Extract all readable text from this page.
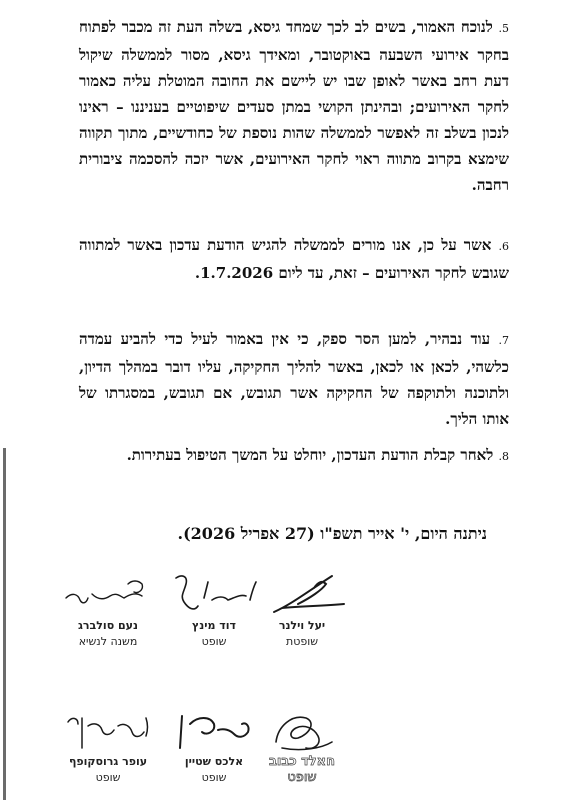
5. לנוכח האמור, בשים לב לכך שמחד גיסא, בשלה העת זה מכבר לפתוח בחקר אירועי השבעה באוקטובר, ומאידך גיסא, מסור לממשלה שיקול דעת רחב באשר לאופן שבו יש ליישם את החובה המוטלת עליה כאמור לחקר האירועים; ובהינתן הקושי במתן סעדים שיפוטיים בעניננו – ראינו לנכון בשלב זה לאפשר לממשלה שהות נוספת של כחודשיים, מתוך תקווה שימצא בקרוב מתווה ראוי לחקר האירועים, אשר יזכה להסכמה ציבורית רחבה.
6. אשר על כן, אנו מורים לממשלה להגיש הודעת עדכון באשר למתווה שגובש לחקר האירועים – זאת, עד ליום 1.7.2026.
7. עוד נבהיר, למען הסר ספק, כי אין באמור לעיל כדי להביע עמדה כלשהי, לכאן או לכאן, באשר להליך החקיקה, עליו דובר במהלך הדיון, ולתוכנה ולתוקפה של החקיקה אשר תגובש, אם תגובש, במסגרתו של אותו הליך.
8. לאחר קבלת הודעת העדכון, יוחלט על המשך הטיפול בעתירות.
ניתנה היום, י' אייר תשפ"ו (27 אפריל 2026).
יעל וילנר
שופטת
דוד מינץ
שופט
נעם סולברג
משנה לנשיא
חאלד כבוב
שופט
אלכס שטיין
שופט
עופר גרוסקופף
שופט
